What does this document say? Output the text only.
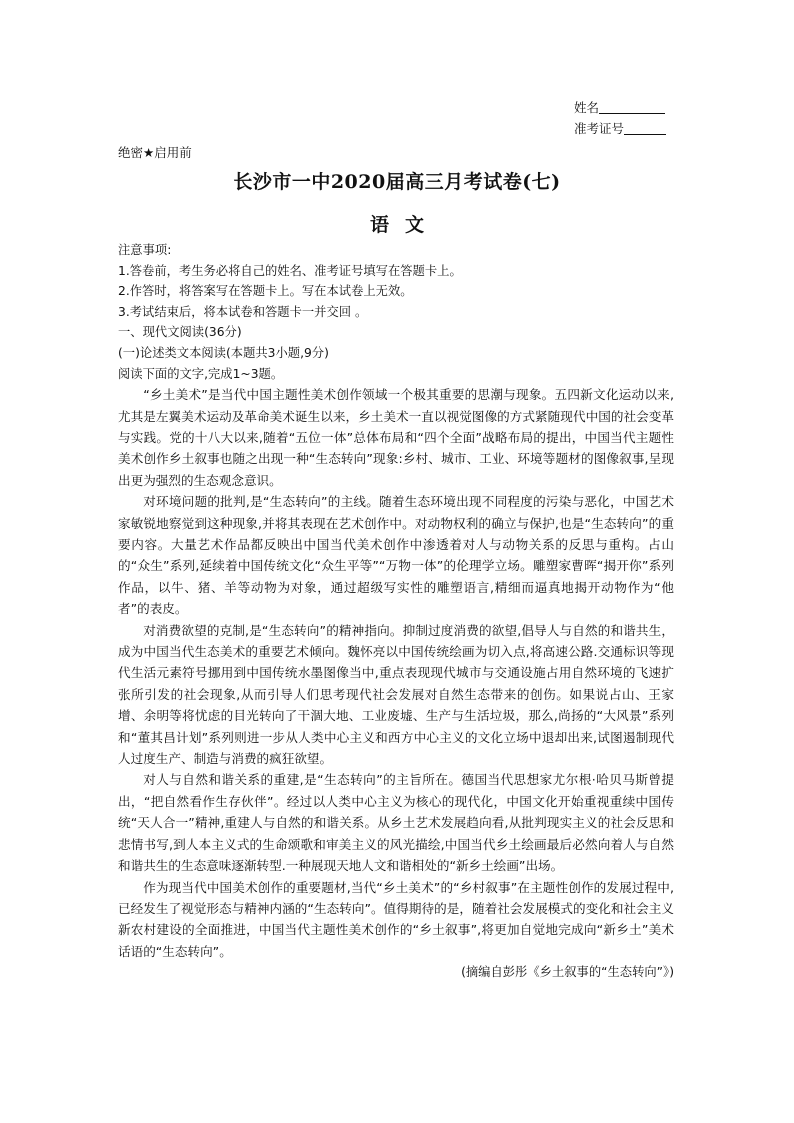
姓名
准考证号
绝密★启用前
长沙市一中2020届高三月考试卷(七)
语文
注意事项:
1.答卷前，考生务必将自己的姓名、准考证号填写在答题卡上。
2.作答时，将答案写在答题卡上。写在本试卷上无效。
3.考试结束后，将本试卷和答题卡一并交回 。
一、现代文阅读(36分)
(一)论述类文本阅读(本题共3小题,9分)
阅读下面的文字,完成1~3题。

“乡土美术”是当代中国主题性美术创作领域一个极其重要的思潮与现象。五四新文化运动以来,尤其是左翼美术运动及革命美术诞生以来，乡土美术一直以视觉图像的方式紧随现代中国的社会变革与实践。党的十八大以来,随着“五位一体”总体布局和“四个全面”战略布局的提出，中国当代主题性美术创作乡土叙事也随之出现一种“生态转向”现象:乡村、城市、工业、环境等题材的图像叙事,呈现出更为强烈的生态观念意识。

对环境问题的批判,是“生态转向”的主线。随着生态环境出现不同程度的污染与恶化，中国艺术家敏锐地察觉到这种现象,并将其表现在艺术创作中。对动物权利的确立与保护,也是“生态转向”的重要内容。大量艺术作品都反映出中国当代美术创作中渗透着对人与动物关系的反思与重构。占山的“众生”系列,延续着中国传统文化“众生平等”“万物一体”的伦理学立场。雕塑家曹晖“揭开你”系列作品，以牛、猪、羊等动物为对象，通过超级写实性的雕塑语言,精细而逼真地揭开动物作为“他者”的表皮。

对消费欲望的克制,是“生态转向”的精神指向。抑制过度消费的欲望,倡导人与自然的和谐共生，成为中国当代生态美术的重要艺术倾向。魏怀亮以中国传统绘画为切入点,将高速公路.交通标识等现代生活元素符号挪用到中国传统水墨图像当中,重点表现现代城市与交通设施占用自然环境的飞速扩张所引发的社会现象,从而引导人们思考现代社会发展对自然生态带来的创伤。如果说占山、王家增、余明等将忧虑的目光转向了干涸大地、工业废墟、生产与生活垃圾，那么,尚扬的“大风景”系列和“董其昌计划”系列则进一步从人类中心主义和西方中心主义的文化立场中退却出来,试图遏制现代人过度生产、制造与消费的疯狂欲望。

对人与自然和谐关系的重建,是“生态转向”的主旨所在。德国当代思想家尤尔根·哈贝马斯曾提出，“把自然看作生存伙伴”。经过以人类中心主义为核心的现代化，中国文化开始重视重续中国传统“天人合一”精神,重建人与自然的和谐关系。从乡土艺术发展趋向看,从批判现实主义的社会反思和悲情书写,到人本主义式的生命颂歌和审美主义的风光描绘,中国当代乡土绘画最后必然向着人与自然和谐共生的生态意味逐渐转型.一种展现天地人文和谐相处的“新乡土绘画”出场。

作为现当代中国美术创作的重要题材,当代“乡土美术”的“乡村叙事”在主题性创作的发展过程中,已经发生了视觉形态与精神内涵的“生态转向”。值得期待的是，随着社会发展模式的变化和社会主义新农村建设的全面推进，中国当代主题性美术创作的“乡土叙事”,将更加自觉地完成向“新乡土”美术话语的“生态转向”。

(摘编自彭彤《乡土叙事的“生态转向”》)
